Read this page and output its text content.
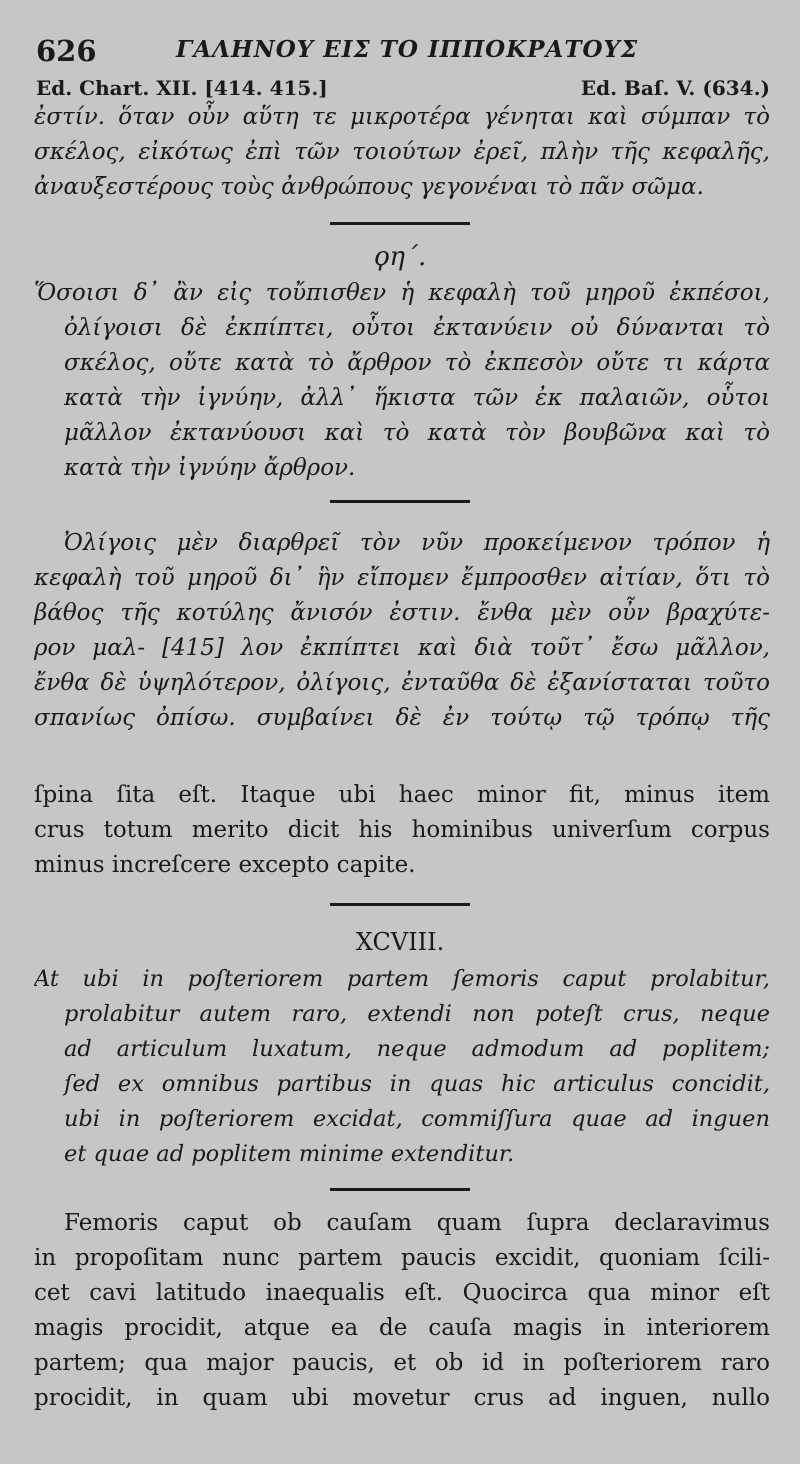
626	ΓΑΛΗΝΟΥ ΕΙΣ ΤΟ ΙΠΠΟΚΡΑΤΟΥΣ
Ed. Chart. XII. [414. 415.]	Ed. Baſ. V. (634.)
ἐστίν. ὅταν οὖν αὕτη τε μικροτέρα γένηται καὶ σύμπαν τὸ
σκέλος, εἰκότως ἐπὶ τῶν τοιούτων ἐρεῖ, πλὴν τῆς κεφαλῆς,
ἀναυξεστέρους τοὺς ἀνθρώπους γεγονέναι τὸ πᾶν σῶμα.
ϙη΄.
Ὅσοισι δ᾽ ἂν εἰς τοὔπισθεν ἡ κεφαλὴ τοῦ μηροῦ ἐκπέσοι,
ὀλίγοισι δὲ ἐκπίπτει, οὗτοι ἐκτανύειν οὐ δύνανται τὸ
σκέλος, οὔτε κατὰ τὸ ἄρθρον τὸ ἐκπεσὸν οὔτε τι κάρτα
κατὰ τὴν ἰγνύην, ἀλλ᾽ ἥκιστα τῶν ἐκ παλαιῶν, οὗτοι
μᾶλλον ἐκτανύουσι καὶ τὸ κατὰ τὸν βουβῶνα καὶ τὸ
κατὰ τὴν ἰγνύην ἄρθρον.
Ὀλίγοις μὲν διαρθρεῖ τὸν νῦν προκείμενον τρόπον ἡ
κεφαλὴ τοῦ μηροῦ δι᾽ ἣν εἴπομεν ἔμπροσθεν αἰτίαν, ὅτι τὸ
βάθος τῆς κοτύλης ἄνισόν ἐστιν. ἔνθα μὲν οὖν βραχύτε-
ρον μαλ- [415] λον ἐκπίπτει καὶ διὰ τοῦτ᾽ ἔσω μᾶλλον,
ἔνθα δὲ ὑψηλότερον, ὀλίγοις, ἐνταῦθα δὲ ἐξανίσταται τοῦτο
σπανίως ὀπίσω. συμβαίνει δὲ ἐν τούτῳ τῷ τρόπῳ τῆς
ſpina ſita eſt. Itaque ubi haec minor fit, minus item
crus totum merito dicit his hominibus univerſum corpus
minus increſcere excepto capite.
XCVIII.
At ubi in poſteriorem partem ſemoris caput prolabitur,
prolabitur autem raro, extendi non poteſt crus, neque
ad articulum luxatum, neque admodum ad poplitem;
ſed ex omnibus partibus in quas hic articulus concidit,
ubi in poſteriorem excidat, commiſſura quae ad inguen
et quae ad poplitem minime extenditur.
Femoris caput ob cauſam quam ſupra declaravimus
in propoſitam nunc partem paucis excidit, quoniam ſcili-
cet cavi latitudo inaequalis eſt. Quocirca qua minor eſt
magis procidit, atque ea de cauſa magis in interiorem
partem; qua major paucis, et ob id in poſteriorem raro
procidit, in quam ubi movetur crus ad inguen, nullo
